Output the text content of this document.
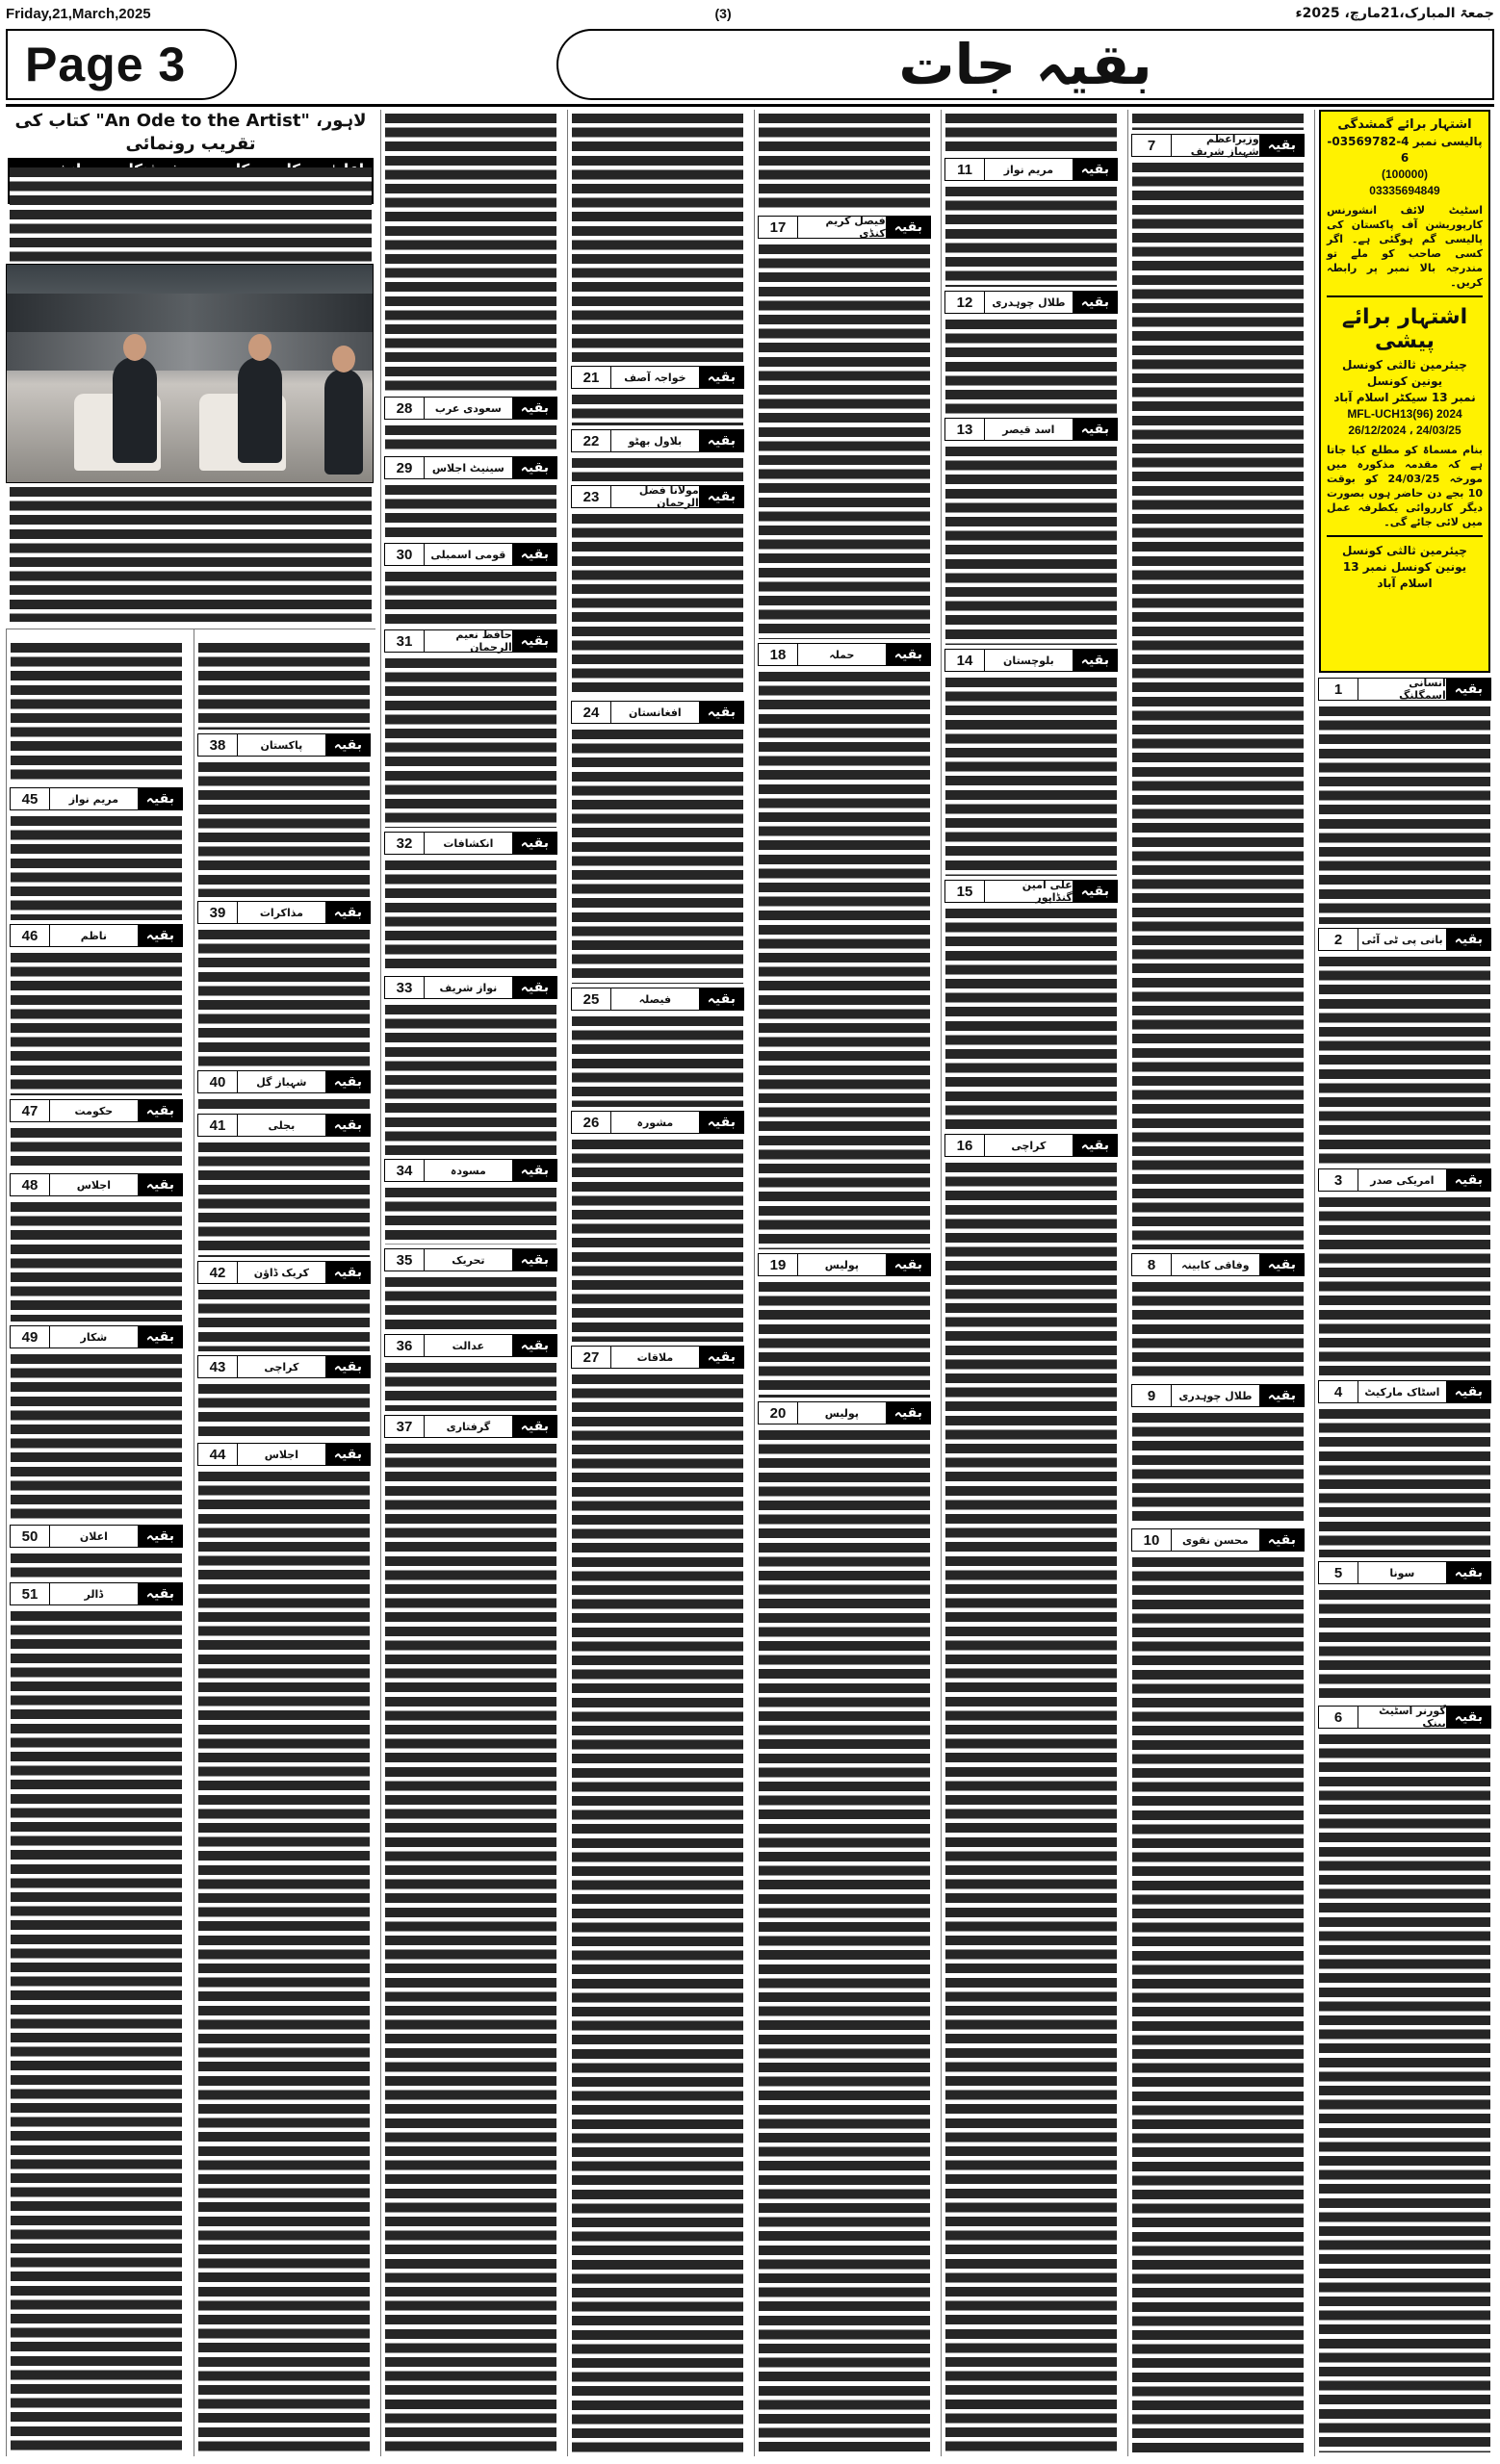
Friday,21,March,2025	(3)	جمعۃ المبارک،21مارچ، 2025ء
Page 3	بقیہ جات
اشتہار برائے گمشدگی
پالیسی نمبر 4-03569782-6
(100000)
03335694849
اسٹیٹ لائف انشورنس کارپوریشن آف پاکستان کی پالیسی گم ہوگئی ہے۔ اگر کسی صاحب کو ملے تو مندرجہ بالا نمبر پر رابطہ کریں۔
اشتہار برائے پیشی
چیئرمین ثالثی کونسل یونین کونسل
نمبر 13 سیکٹر اسلام آباد
MFL-UCH13(96) 2024
26/12/2024 ، 24/03/25
بنام مسماۃ کو مطلع کیا جاتا ہے کہ مقدمہ مذکورہ میں مورخہ 24/03/25 کو بوقت 10 بجے دن حاضر ہوں بصورت دیگر کارروائی یکطرفہ عمل میں لائی جائے گی۔
چیئرمین ثالثی کونسل یونین کونسل نمبر 13 اسلام آباد
بقیہ
انسانی اسمگلنگ
1
بقیہ
بانی پی ٹی آئی
2
بقیہ
امریکی صدر
3
بقیہ
اسٹاک مارکیٹ
4
بقیہ
سونا
5
بقیہ
گورنر اسٹیٹ بینک
6
بقیہ
وزیراعظم شہباز شریف
7
بقیہ
وفاقی کابینہ
8
بقیہ
طلال چوہدری
9
بقیہ
محسن نقوی
10
بقیہ
مریم نواز
11
بقیہ
طلال چوہدری
12
بقیہ
اسد قیصر
13
بقیہ
بلوچستان
14
بقیہ
علی امین گنڈاپور
15
بقیہ
کراچی
16
بقیہ
فیصل کریم کنڈی
17
بقیہ
حملہ
18
بقیہ
پولیس
19
بقیہ
پولیس
20
بقیہ
خواجہ آصف
21
بقیہ
بلاول بھٹو
22
بقیہ
مولانا فضل الرحمان
23
بقیہ
افغانستان
24
بقیہ
فیصلہ
25
بقیہ
مشورہ
26
بقیہ
ملاقات
27
بقیہ
سعودی عرب
28
بقیہ
سینیٹ اجلاس
29
بقیہ
قومی اسمبلی
30
بقیہ
حافظ نعیم الرحمان
31
بقیہ
انکشافات
32
بقیہ
نواز شریف
33
بقیہ
مسودہ
34
بقیہ
تحریک
35
بقیہ
عدالت
36
بقیہ
گرفتاری
37
بقیہ
پاکستان
38
بقیہ
مذاکرات
39
بقیہ
شہباز گل
40
بقیہ
بجلی
41
بقیہ
کریک ڈاؤن
42
بقیہ
کراچی
43
بقیہ
اجلاس
44
بقیہ
مریم نواز
45
بقیہ
ناظم
46
بقیہ
حکومت
47
بقیہ
اجلاس
48
بقیہ
شکار
49
بقیہ
اعلان
50
بقیہ
ڈالر
51
لاہور، "An Ode to the Artist" کتاب کی تقریب رونمائی
